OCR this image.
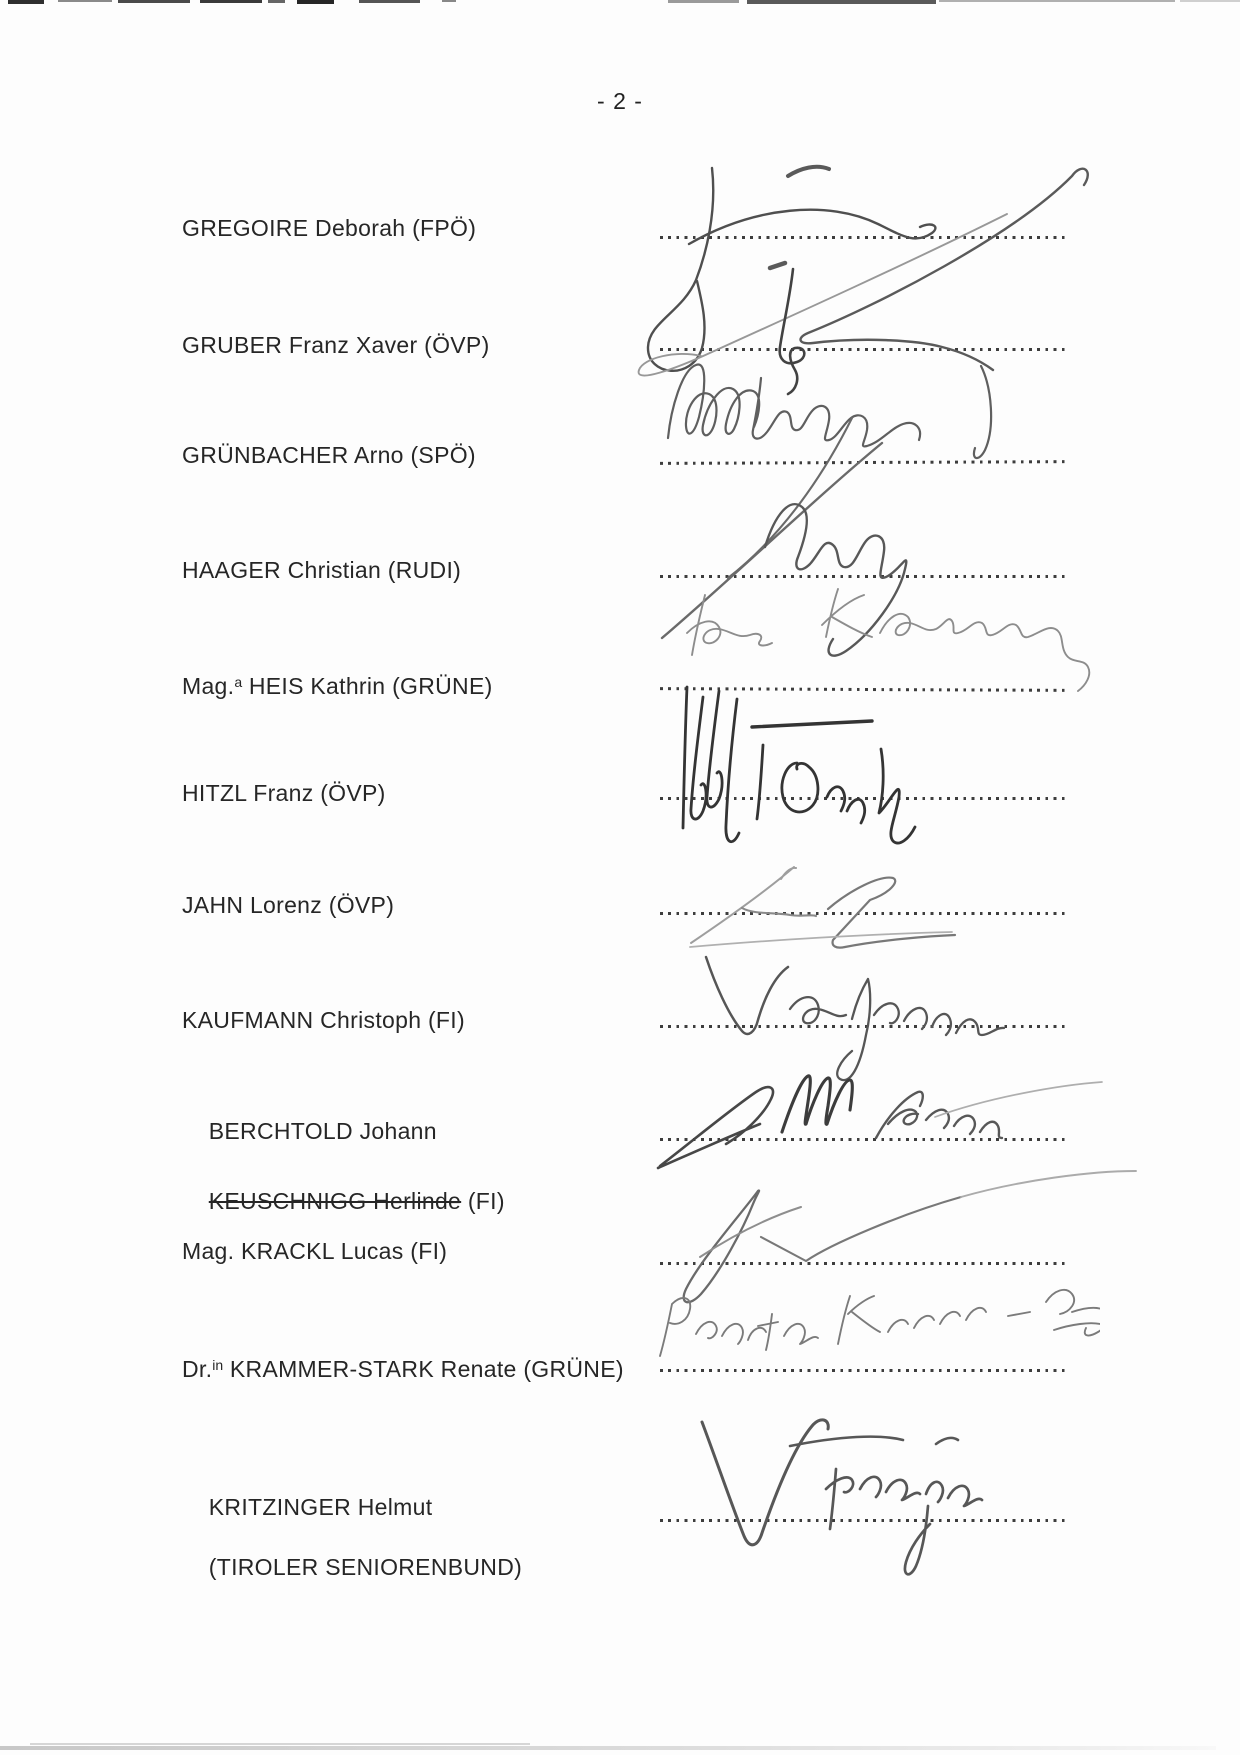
- 2 -
GREGOIRE Deborah (FPÖ)
GRUBER Franz Xaver (ÖVP)
GRÜNBACHER Arno (SPÖ)
HAAGER Christian (RUDI)
Mag.$^a$ HEIS Kathrin (GRÜNE)
HITZL Franz (ÖVP)
JAHN Lorenz (ÖVP)
KAUFMANN Christoph (FI)

BERCHTOLD Johann

KEUSCHNIGG Herlinde (FI)

Mag. KRACKL Lucas (FI)
Dr.$^{in}$ KRAMMER-STARK Renate (GRÜNE)

KRITZINGER Helmut

(TIROLER SENIORENBUND)
